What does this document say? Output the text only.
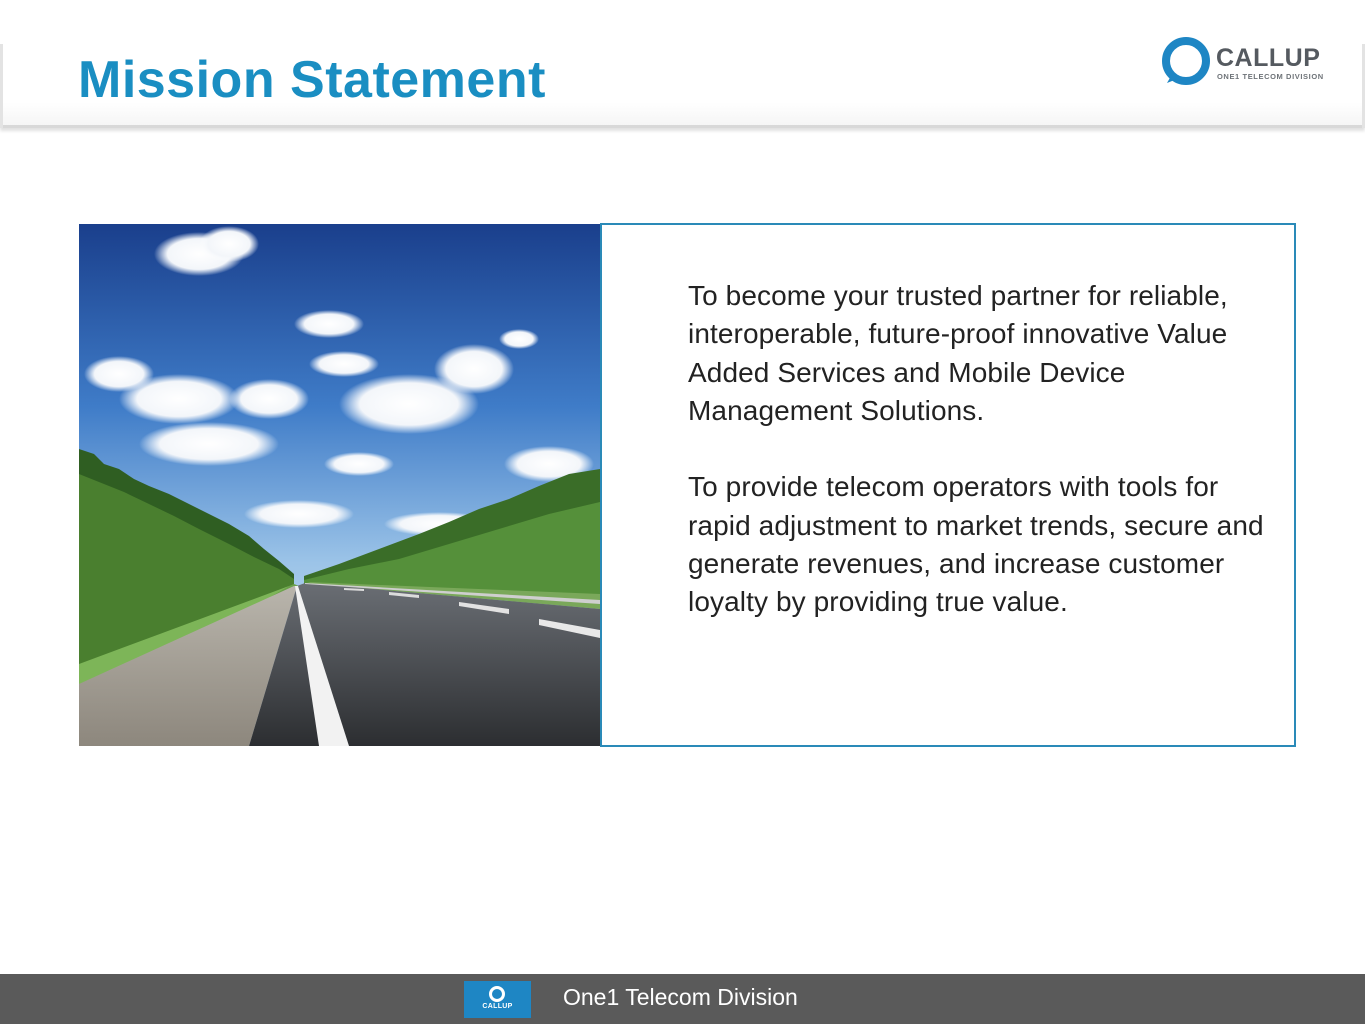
Mission Statement	CALLUP
ONE1 TELECOM DIVISION

To become your trusted partner for reliable, interoperable, future-proof innovative Value Added Services and Mobile Device Management Solutions.

To provide telecom operators with tools for rapid adjustment to market trends, secure and generate revenues, and increase customer loyalty by providing true value.

CALLUP	One1 Telecom Division
